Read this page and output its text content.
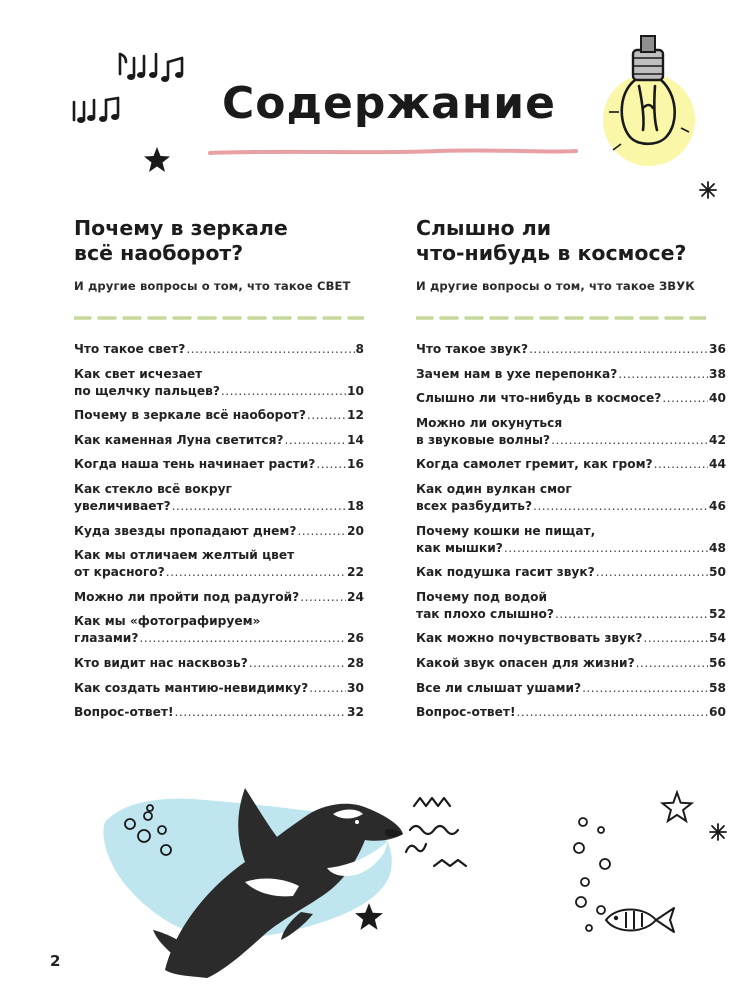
Содержание
Почему в зеркале
всё наоборот?
И другие вопросы о том, что такое СВЕТ
Что такое свет? .....	8
Как свет исчезает
по щелчку пальцев? .....	10
Почему в зеркале всё наоборот? .....	12
Как каменная Луна светится? .....	14
Когда наша тень начинает расти? .....	16
Как стекло всё вокруг
увеличивает? .....	18
Куда звезды пропадают днем? .....	20
Как мы отличаем желтый цвет
от красного? .....	22
Можно ли пройти под радугой? .....	24
Как мы «фотографируем»
глазами? .....	26
Кто видит нас насквозь? .....	28
Как создать мантию-невидимку? .....	30
Вопрос-ответ! .....	32
Слышно ли
что-нибудь в космосе?
И другие вопросы о том, что такое ЗВУК
Что такое звук? .....	36
Зачем нам в ухе перепонка? .....	38
Слышно ли что-нибудь в космосе? .....	40
Можно ли окунуться
в звуковые волны? .....	42
Когда самолет гремит, как гром? .....	44
Как один вулкан смог
всех разбудить? .....	46
Почему кошки не пищат,
как мышки? .....	48
Как подушка гасит звук? .....	50
Почему под водой
так плохо слышно? .....	52
Как можно почувствовать звук? .....	54
Какой звук опасен для жизни? .....	56
Все ли слышат ушами? .....	58
Вопрос-ответ! .....	60
2
